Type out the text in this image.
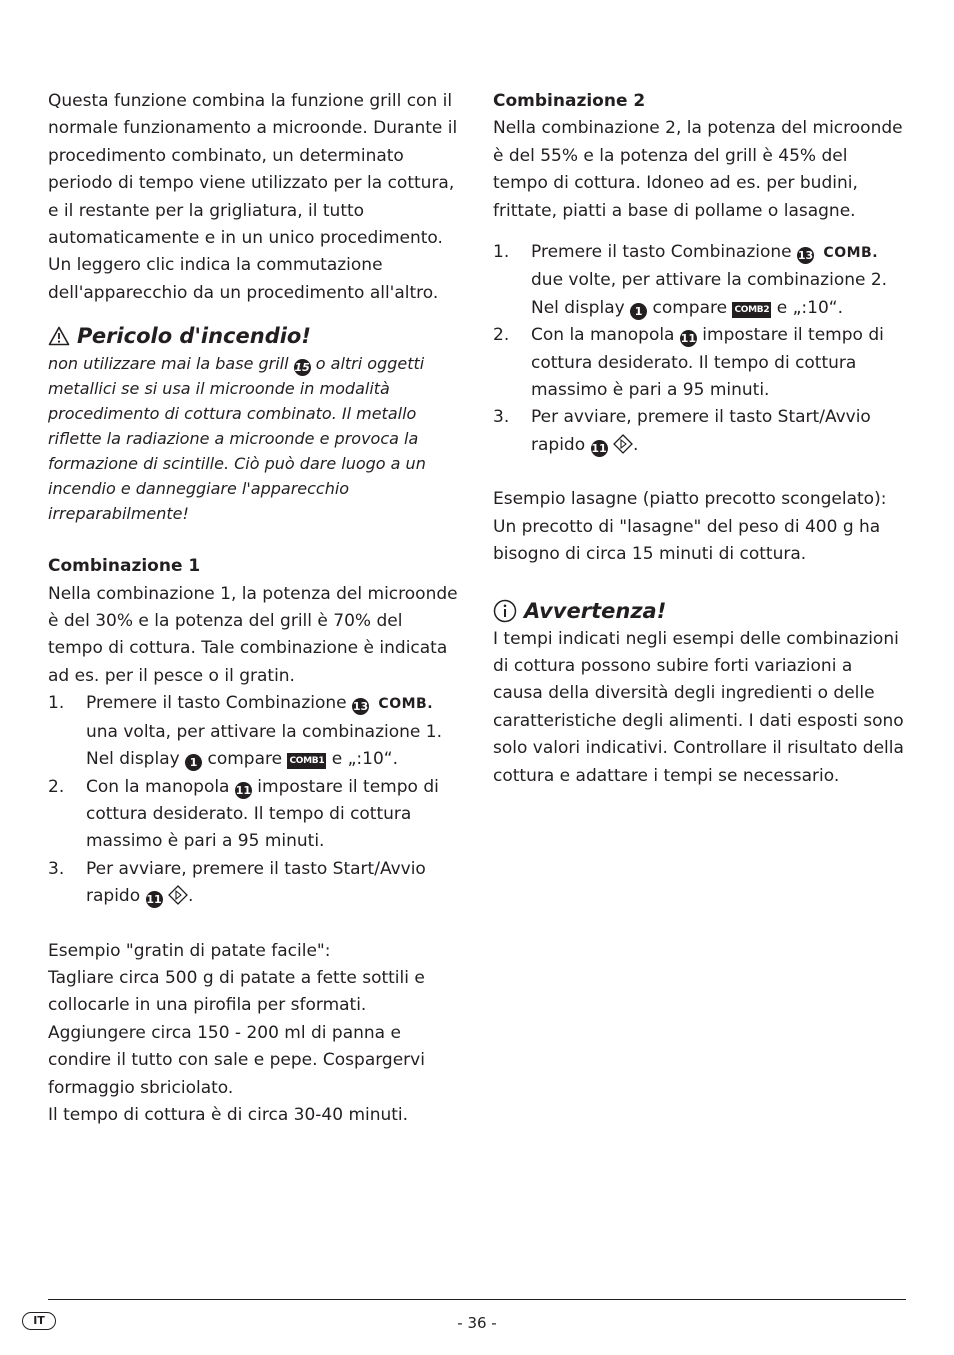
Questa funzione combina la funzione grill con il normale funzionamento a microonde. Durante il procedimento combinato, un determinato periodo di tempo viene utilizzato per la cottura, e il restante per la grigliatura, il tutto automaticamente e in un unico procedimento. Un leggero clic indica la commutazione dell'apparecchio da un procedimento all'altro.

Pericolo d'incendio!

non utilizzare mai la base grill 15 o altri oggetti metallici se si usa il microonde in modalità procedimento di cottura combinato. Il metallo riflette la radiazione a microonde e provoca la formazione di scintille. Ciò può dare luogo a un incendio e danneggiare l'apparecchio irreparabilmente!

Combinazione 1

Nella combinazione 1, la potenza del microonde è del 30% e la potenza del grill è 70% del tempo di cottura. Tale combinazione è indicata ad es. per il pesce o il gratin.

1. Premere il tasto Combinazione 13 COMB. una volta, per attivare la combinazione 1.
Nel display 1 compare COMB1 e „:10“.
2. Con la manopola 11 impostare il tempo di cottura desiderato. Il tempo di cottura massimo è pari a 95 minuti.
3. Per avviare, premere il tasto Start/Avvio rapido 11 .

Esempio "gratin di patate facile":

Tagliare circa 500 g di patate a fette sottili e collocarle in una pirofila per sformati. Aggiungere circa 150 - 200 ml di panna e condire il tutto con sale e pepe. Cospargervi formaggio sbriciolato.

Il tempo di cottura è di circa 30-40 minuti.

Combinazione 2

Nella combinazione 2, la potenza del microonde è del 55% e la potenza del grill è 45% del tempo di cottura. Idoneo ad es. per budini, frittate, piatti a base di pollame o lasagne.

1. Premere il tasto Combinazione 13 COMB. due volte, per attivare la combinazione 2.
Nel display 1 compare COMB2 e „:10“.
2. Con la manopola 11 impostare il tempo di cottura desiderato. Il tempo di cottura massimo è pari a 95 minuti.
3. Per avviare, premere il tasto Start/Avvio rapido 11 .

Esempio lasagne (piatto precotto scongelato):

Un precotto di "lasagne" del peso di 400 g ha bisogno di circa 15 minuti di cottura.

Avvertenza!

I tempi indicati negli esempi delle combinazioni di cottura possono subire forti variazioni a causa della diversità degli ingredienti o delle caratteristiche degli alimenti. I dati esposti sono solo valori indicativi. Controllare il risultato della cottura e adattare i tempi se necessario.

IT	- 36 -
